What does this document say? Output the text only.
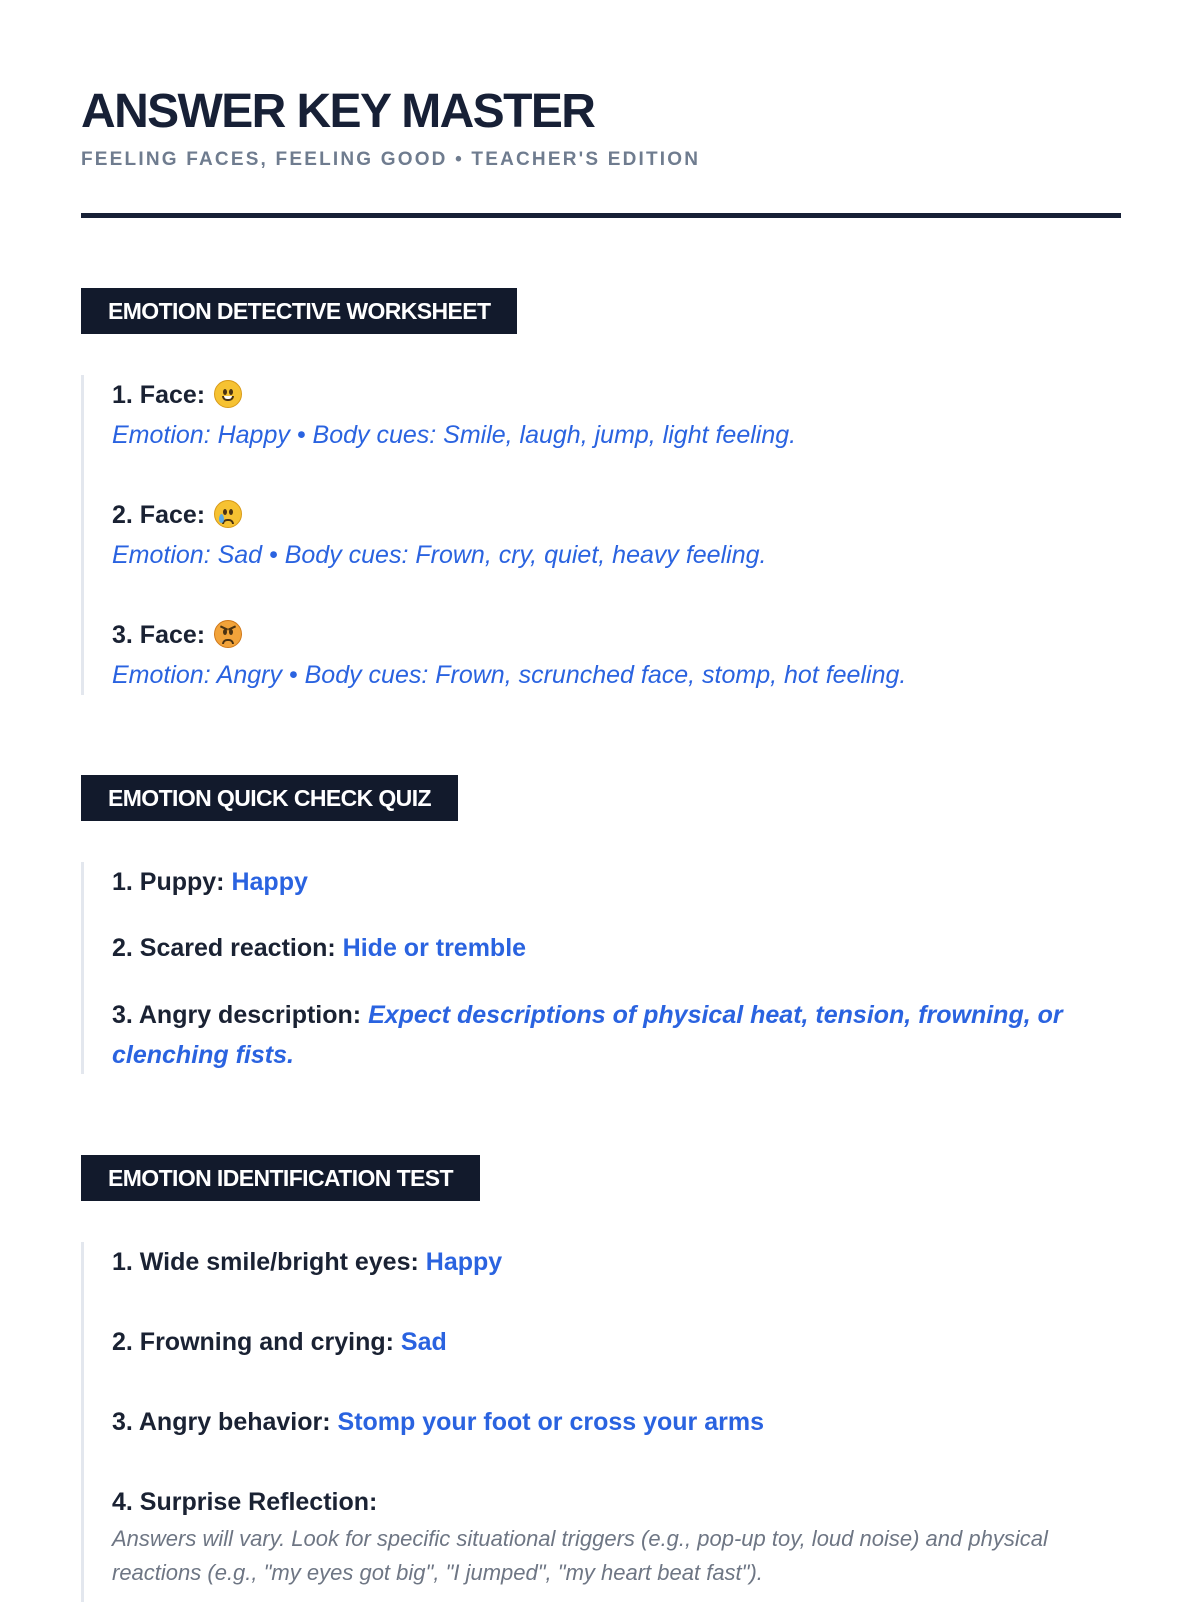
ANSWER KEY MASTER
FEELING FACES, FEELING GOOD • TEACHER'S EDITION
EMOTION DETECTIVE WORKSHEET
1. Face:
Emotion: Happy • Body cues: Smile, laugh, jump, light feeling.
2. Face:
Emotion: Sad • Body cues: Frown, cry, quiet, heavy feeling.
3. Face:
Emotion: Angry • Body cues: Frown, scrunched face, stomp, hot feeling.
EMOTION QUICK CHECK QUIZ
1. Puppy: Happy
2. Scared reaction: Hide or tremble
3. Angry description: Expect descriptions of physical heat, tension, frowning, or clenching fists.
EMOTION IDENTIFICATION TEST
1. Wide smile/bright eyes: Happy
2. Frowning and crying: Sad
3. Angry behavior: Stomp your foot or cross your arms
4. Surprise Reflection:
Answers will vary. Look for specific situational triggers (e.g., pop-up toy, loud noise) and physical reactions (e.g., "my eyes got big", "I jumped", "my heart beat fast").
